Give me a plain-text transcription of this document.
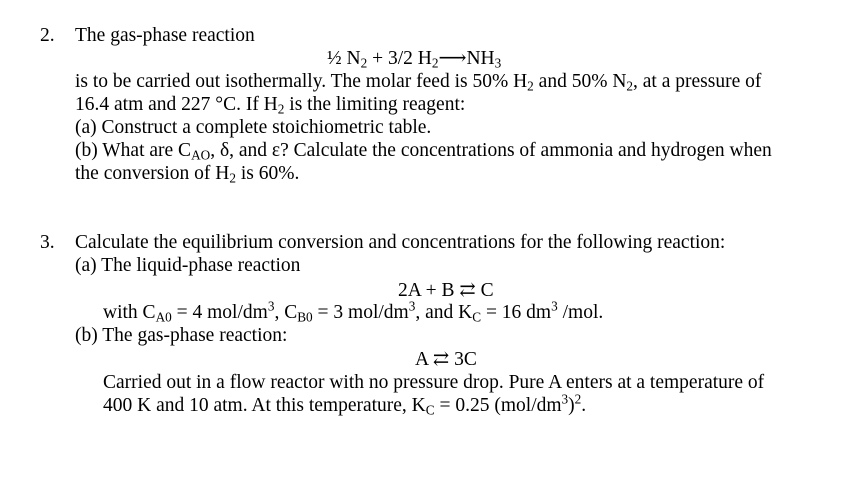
2. The gas-phase reaction
½ $N_2 + 3/2$ $H_2⟶NH_3$
is to be carried out isothermally. The molar feed is 50% $H_2$ and 50% $N_2$, at a pressure of
16.4 atm and 227 °C. If $H_2$ is the limiting reagent:
(a) Construct a complete stoichiometric table.
(b) What are $C_{AO}$, δ, and ε? Calculate the concentrations of ammonia and hydrogen when
the conversion of $H_2$ is 60%.
3. Calculate the equilibrium conversion and concentrations for the following reaction:
(a) The liquid-phase reaction
2A + B ⇄ C
with $C_{A0} = 4$ mol/$dm^3$, $C_{B0} = 3$ mol/$dm^3$, and $K_C = 16$ $dm^3$ /mol.
(b) The gas-phase reaction:
A ⇄ 3C
Carried out in a flow reactor with no pressure drop. Pure A enters at a temperature of
400 K and 10 atm. At this temperature, $K_C = 0.25$ $(mol/dm^3)^2$.
